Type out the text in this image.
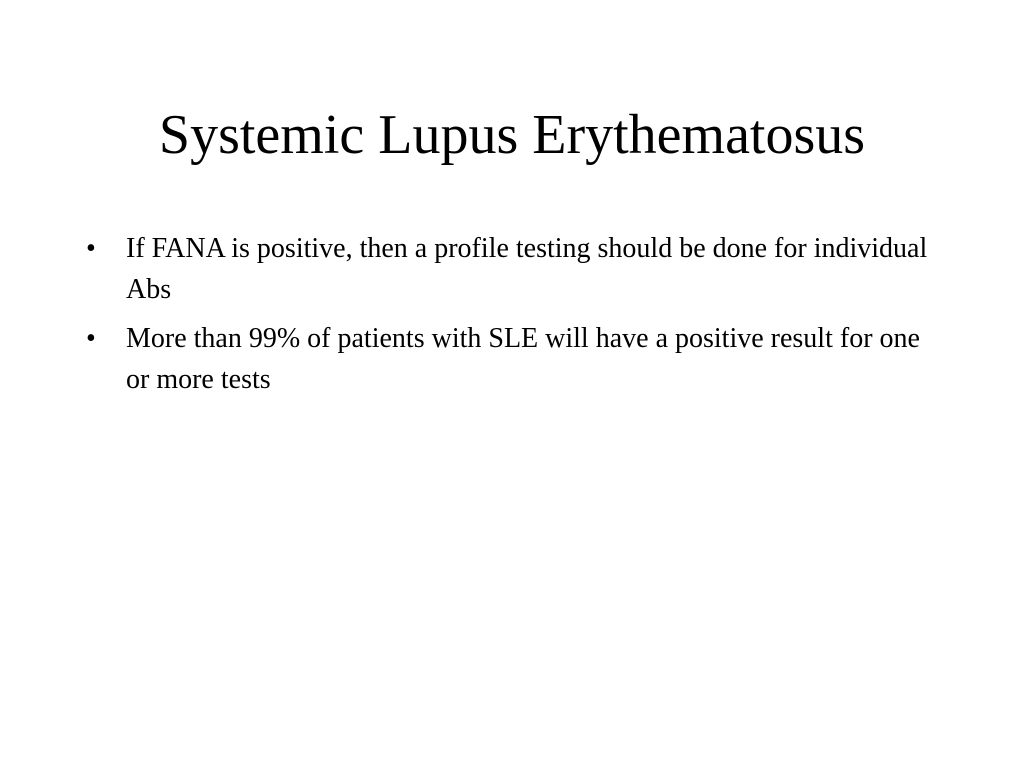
Systemic Lupus Erythematosus
•	If FANA is positive, then a profile testing should be done for individual Abs
•	More than 99% of patients with SLE will have a positive result for one or more tests
